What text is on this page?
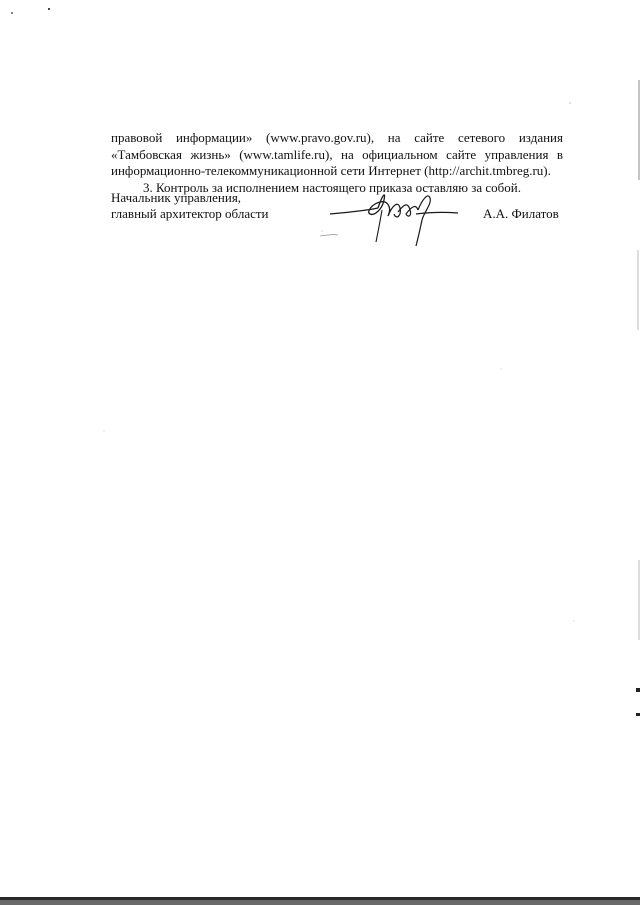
правовой информации» (www.pravo.gov.ru), на сайте сетевого издания
«Тамбовская жизнь» (www.tamlife.ru), на официальном сайте управления в
информационно-телекоммуникационной сети Интернет (http://archit.tmbreg.ru).
3. Контроль за исполнением настоящего приказа оставляю за собой.
Начальник управления,
главный архитектор области	А.А. Филатов
